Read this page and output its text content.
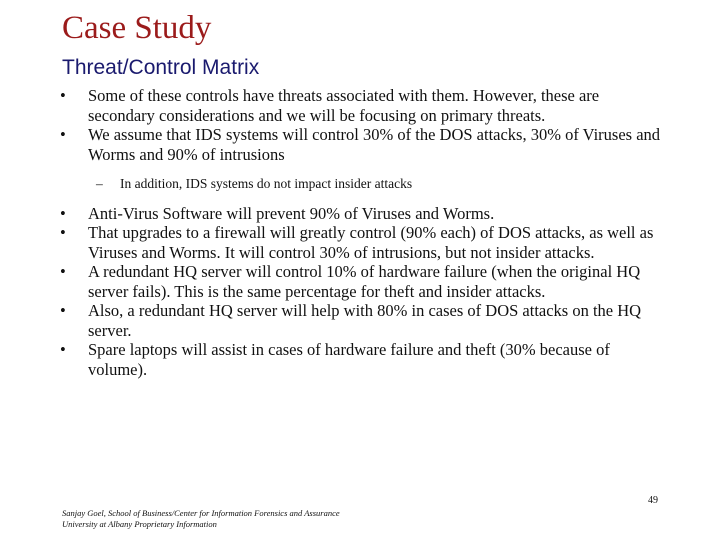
Case Study
Threat/Control Matrix
• Some of these controls have threats associated with them. However, these are secondary considerations and we will be focusing on primary threats.
• We assume that IDS systems will control 30% of the DOS attacks, 30% of Viruses and Worms and 90% of intrusions
– In addition, IDS systems do not impact insider attacks
• Anti-Virus Software will prevent 90% of Viruses and Worms.
• That upgrades to a firewall will greatly control (90% each) of DOS attacks, as well as Viruses and Worms. It will control 30% of intrusions, but not insider attacks.
• A redundant HQ server will control 10% of hardware failure (when the original HQ server fails). This is the same percentage for theft and insider attacks.
• Also, a redundant HQ server will help with 80% in cases of DOS attacks on the HQ server.
• Spare laptops will assist in cases of hardware failure and theft (30% because of volume).
49
Sanjay Goel, School of Business/Center for Information Forensics and Assurance
University at Albany Proprietary Information
